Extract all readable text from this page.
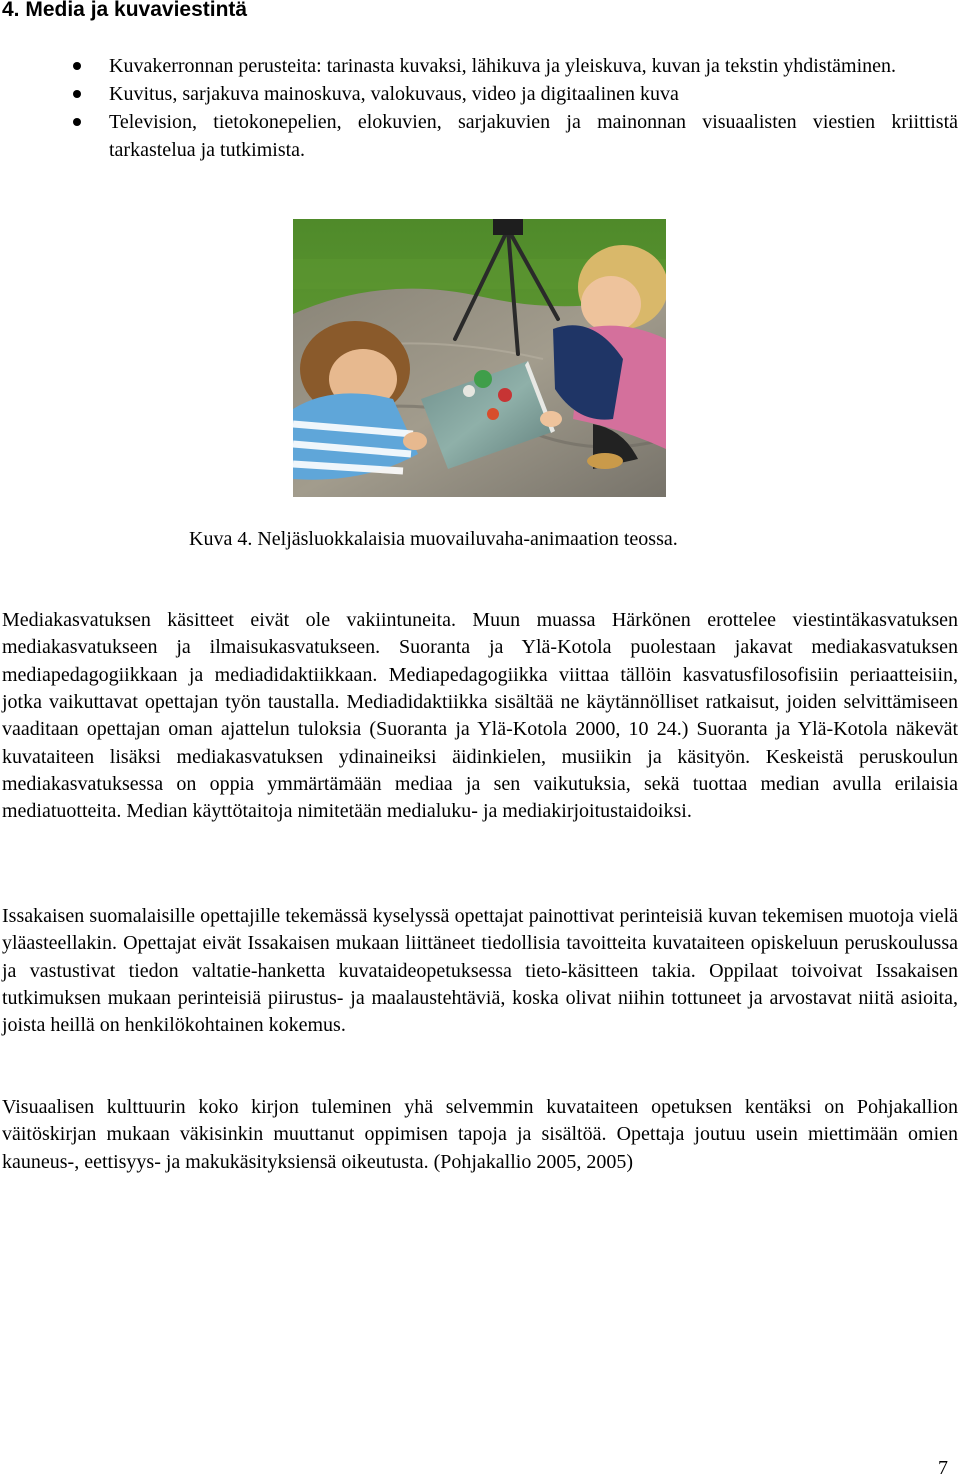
4. Media ja kuvaviestintä
Kuvakerronnan perusteita: tarinasta kuvaksi, lähikuva ja yleiskuva, kuvan ja tekstin yhdistäminen.
Kuvitus, sarjakuva mainoskuva, valokuvaus, video ja digitaalinen kuva
Television, tietokonepelien, elokuvien, sarjakuvien ja mainonnan visuaalisten viestien kriittistä tarkastelua ja tutkimista.

Kuva 4. Neljäsluokkalaisia muovailuvaha-animaation teossa.

Mediakasvatuksen käsitteet eivät ole vakiintuneita. Muun muassa Härkönen erottelee viestintäkasvatuksen mediakasvatukseen ja ilmaisukasvatukseen. Suoranta ja Ylä-Kotola puolestaan jakavat mediakasvatuksen mediapedagogiikkaan ja mediadidaktiikkaan. Mediapedagogiikka viittaa tällöin kasvatusfilosofisiin periaatteisiin, jotka vaikuttavat opettajan työn taustalla. Mediadidaktiikka sisältää ne käytännölliset ratkaisut, joiden selvittämiseen vaaditaan opettajan oman ajattelun tuloksia (Suoranta ja Ylä-Kotola 2000, 10 24.) Suoranta ja Ylä-Kotola näkevät kuvataiteen lisäksi mediakasvatuksen ydinaineiksi äidinkielen, musiikin ja käsityön. Keskeistä peruskoulun mediakasvatuksessa on oppia ymmärtämään mediaa ja sen vaikutuksia, sekä tuottaa median avulla erilaisia mediatuotteita. Median käyttötaitoja nimitetään medialuku- ja mediakirjoitustaidoiksi.

Issakaisen suomalaisille opettajille tekemässä kyselyssä opettajat painottivat perinteisiä kuvan tekemisen muotoja vielä yläasteellakin. Opettajat eivät Issakaisen mukaan liittäneet tiedollisia tavoitteita kuvataiteen opiskeluun peruskoulussa ja vastustivat tiedon valtatie-hanketta kuvataideopetuksessa tieto-käsitteen takia. Oppilaat toivoivat Issakaisen tutkimuksen mukaan perinteisiä piirustus- ja maalaustehtäviä, koska olivat niihin tottuneet ja arvostavat niitä asioita, joista heillä on henkilökohtainen kokemus.

Visuaalisen kulttuurin koko kirjon tuleminen yhä selvemmin kuvataiteen opetuksen kentäksi on Pohjakallion väitöskirjan mukaan väkisinkin muuttanut oppimisen tapoja ja sisältöä. Opettaja joutuu usein miettimään omien kauneus-, eettisyys- ja makukäsityksiensä oikeutusta. (Pohjakallio 2005, 2005)

7
